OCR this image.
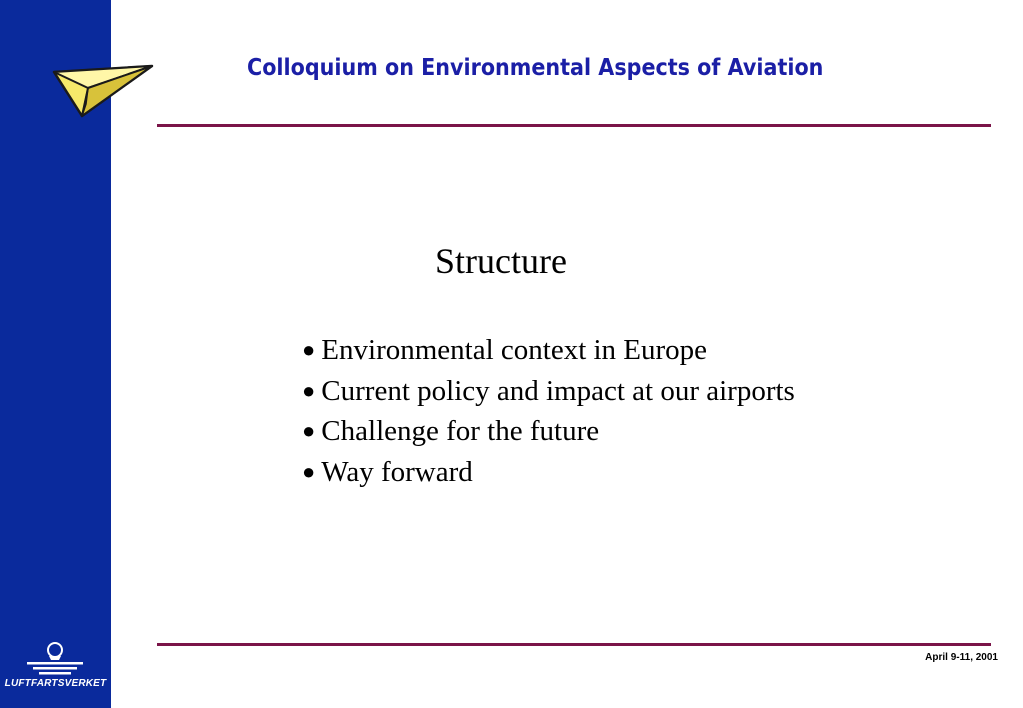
Colloquium on Environmental Aspects of Aviation
Structure
● Environmental context in Europe
● Current policy and impact at our airports
● Challenge for the future
● Way forward
April 9-11, 2001
LUFTFARTSVERKET
